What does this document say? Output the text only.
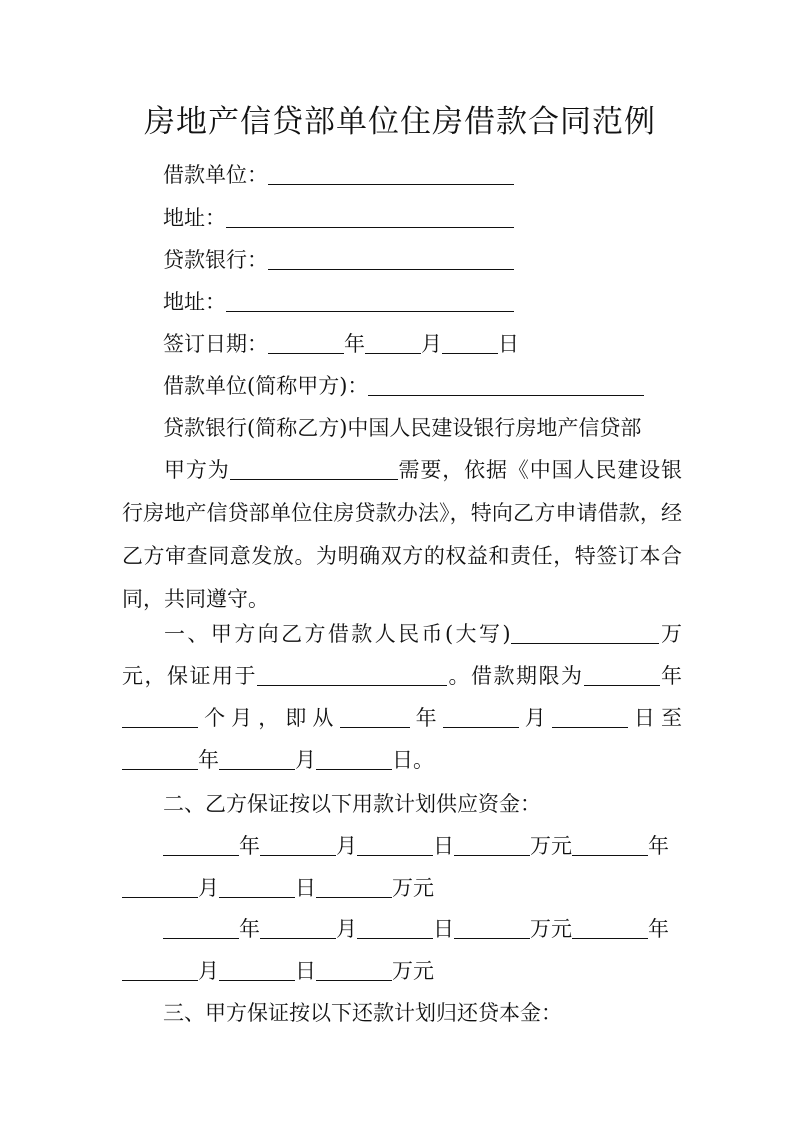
房地产信贷部单位住房借款合同范例
借款单位：
地址：
贷款银行：
地址：
签订日期：	年	月	日
借款单位(简称甲方)：
贷款银行(简称乙方)中国人民建设银行房地产信贷部
甲方为	需要，依据《中国人民建设银行房地产信贷部单位住房贷款办法》，特向乙方申请借款，经乙方审查同意发放。为明确双方的权益和责任，特签订本合同，共同遵守。
一、甲方向乙方借款人民币(大写)	万元，保证用于	。借款期限为	年个月，即从	年	月	日至年	月	日。
二、乙方保证按以下用款计划供应资金：
年	月	日	万元	年
月	日	万元
年	月	日	万元	年
月	日	万元
三、甲方保证按以下还款计划归还贷本金：
